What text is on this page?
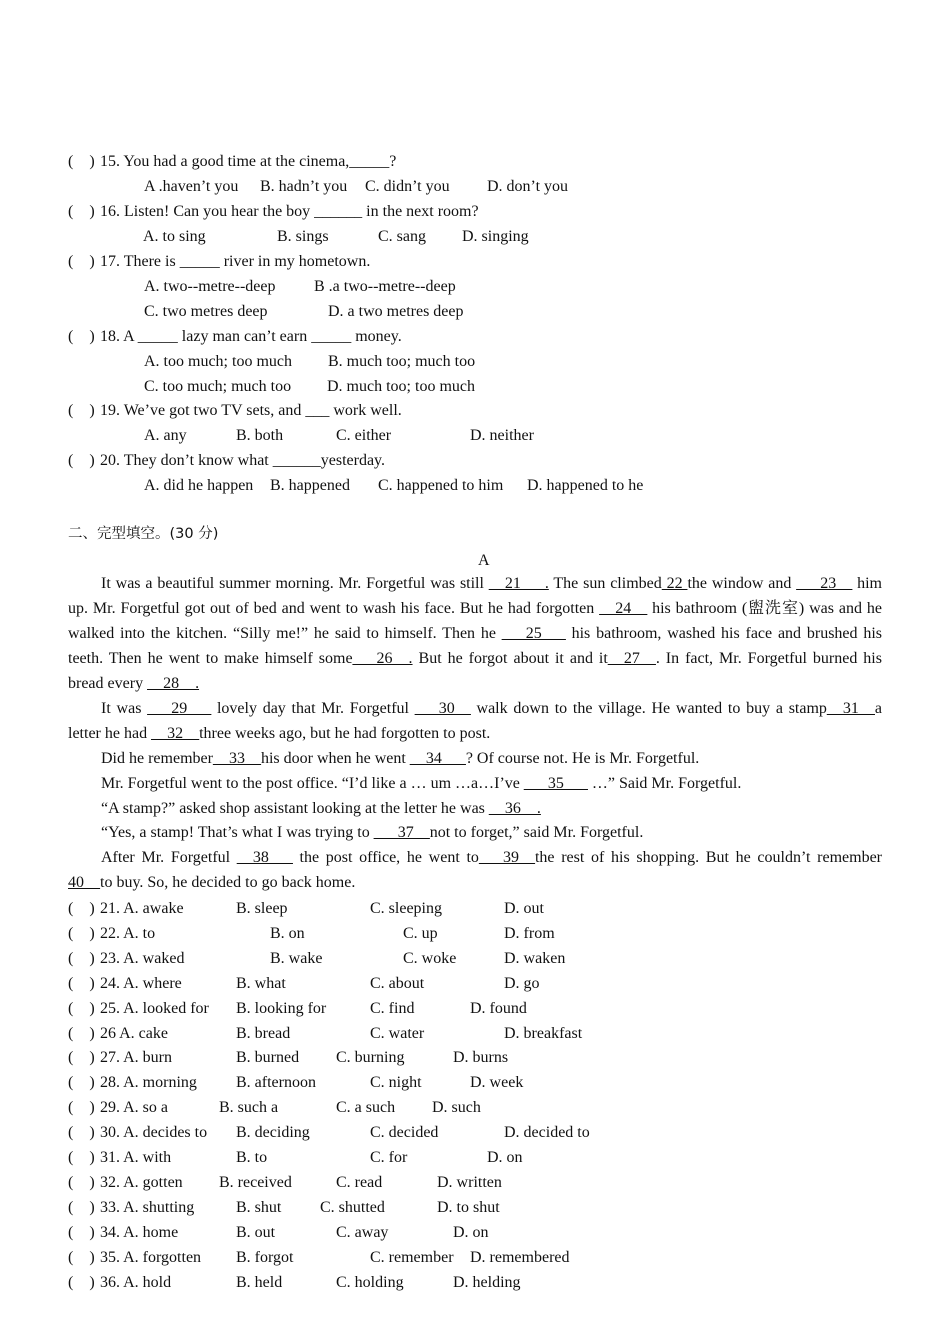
(    ) 15. You had a good time at the cinema,_____?
A .haven’t you B. hadn’t you C. didn’t you D. don’t you
(    ) 16. Listen! Can you hear the boy ______ in the next room?
A. to sing	B. sings	C. sang D. singing
(    ) 17. There is _____ river in my hometown.
A. two--metre--deep B .a two--metre--deep
C. two metres deep	D. a two metres deep
(    ) 18. A _____ lazy man can’t earn _____ money.
A. too much; too much B. much too; much too
C. too much; much too D. much too; too much
(    ) 19. We’ve got two TV sets, and ___ work well.
A. any	B. both	C. either	D. neither
(    ) 20. They don’t know what ______yesterday.
A. did he happen B. happened C. happened to him D. happened to he
二、完型填空。(30 分)
A

It was a beautiful summer morning. Mr. Forgetful was still __21___. The sun climbed 22 the window and ___23__ him up. Mr. Forgetful got out of bed and went to wash his face. But he had forgotten __24__ his bathroom (盥洗室) was and he walked into the kitchen. “Silly me!” he said to himself. Then he ___25___ his bathroom, washed his face and brushed his teeth. Then he went to make himself some___26__. But he forgot about it and it__27__. In fact, Mr. Forgetful burned his bread every __28__.

It was ___29___ lovely day that Mr. Forgetful ___30__ walk down to the village. He wanted to buy a stamp__31__a letter he had __32__three weeks ago, but he had forgotten to post.

Did he remember__33__his door when he went __34___? Of course not. He is Mr. Forgetful.

Mr. Forgetful went to the post office. “I’d like a … um …a…I’ve ___35___ …” Said Mr. Forgetful.

“A stamp?” asked shop assistant looking at the letter he was __36__.

“Yes, a stamp! That’s what I was trying to ___37__not to forget,” said Mr. Forgetful.

After Mr. Forgetful __38___ the post office, he went to___39__the rest of his shopping. But he couldn’t remember 40__to buy. So, he decided to go back home.

(    ) 21. A. awake	B. sleep	C. sleeping	D. out
(    ) 22. A. to	B. on	C. up	D. from
(    ) 23. A. waked	B. wake	C. woke	D. waken
(    ) 24. A. where	B. what	C. about	D. go
(    ) 25. A. looked for B. looking for	C. find	D. found
(    ) 26 A. cake	B. bread	C. water	D. breakfast
(    ) 27. A. burn	B. burned C. burning	D. burns
(    ) 28. A. morning B. afternoon	C. night	D. week
(    ) 29. A. so a	B. such a	C. a such D. such
(    ) 30. A. decides to B. deciding	C. decided	D. decided to
(    ) 31. A. with	B. to	C. for	D. on
(    ) 32. A. gotten B. received	C. read	D. written
(    ) 33. A. shutting	B. shut C. shutted	D. to shut
(    ) 34. A. home	B. out	C. away	D. on
(    ) 35. A. forgotten B. forgot	C. remember D. remembered
(    ) 36. A. hold	B. held	C. holding	D. helding
